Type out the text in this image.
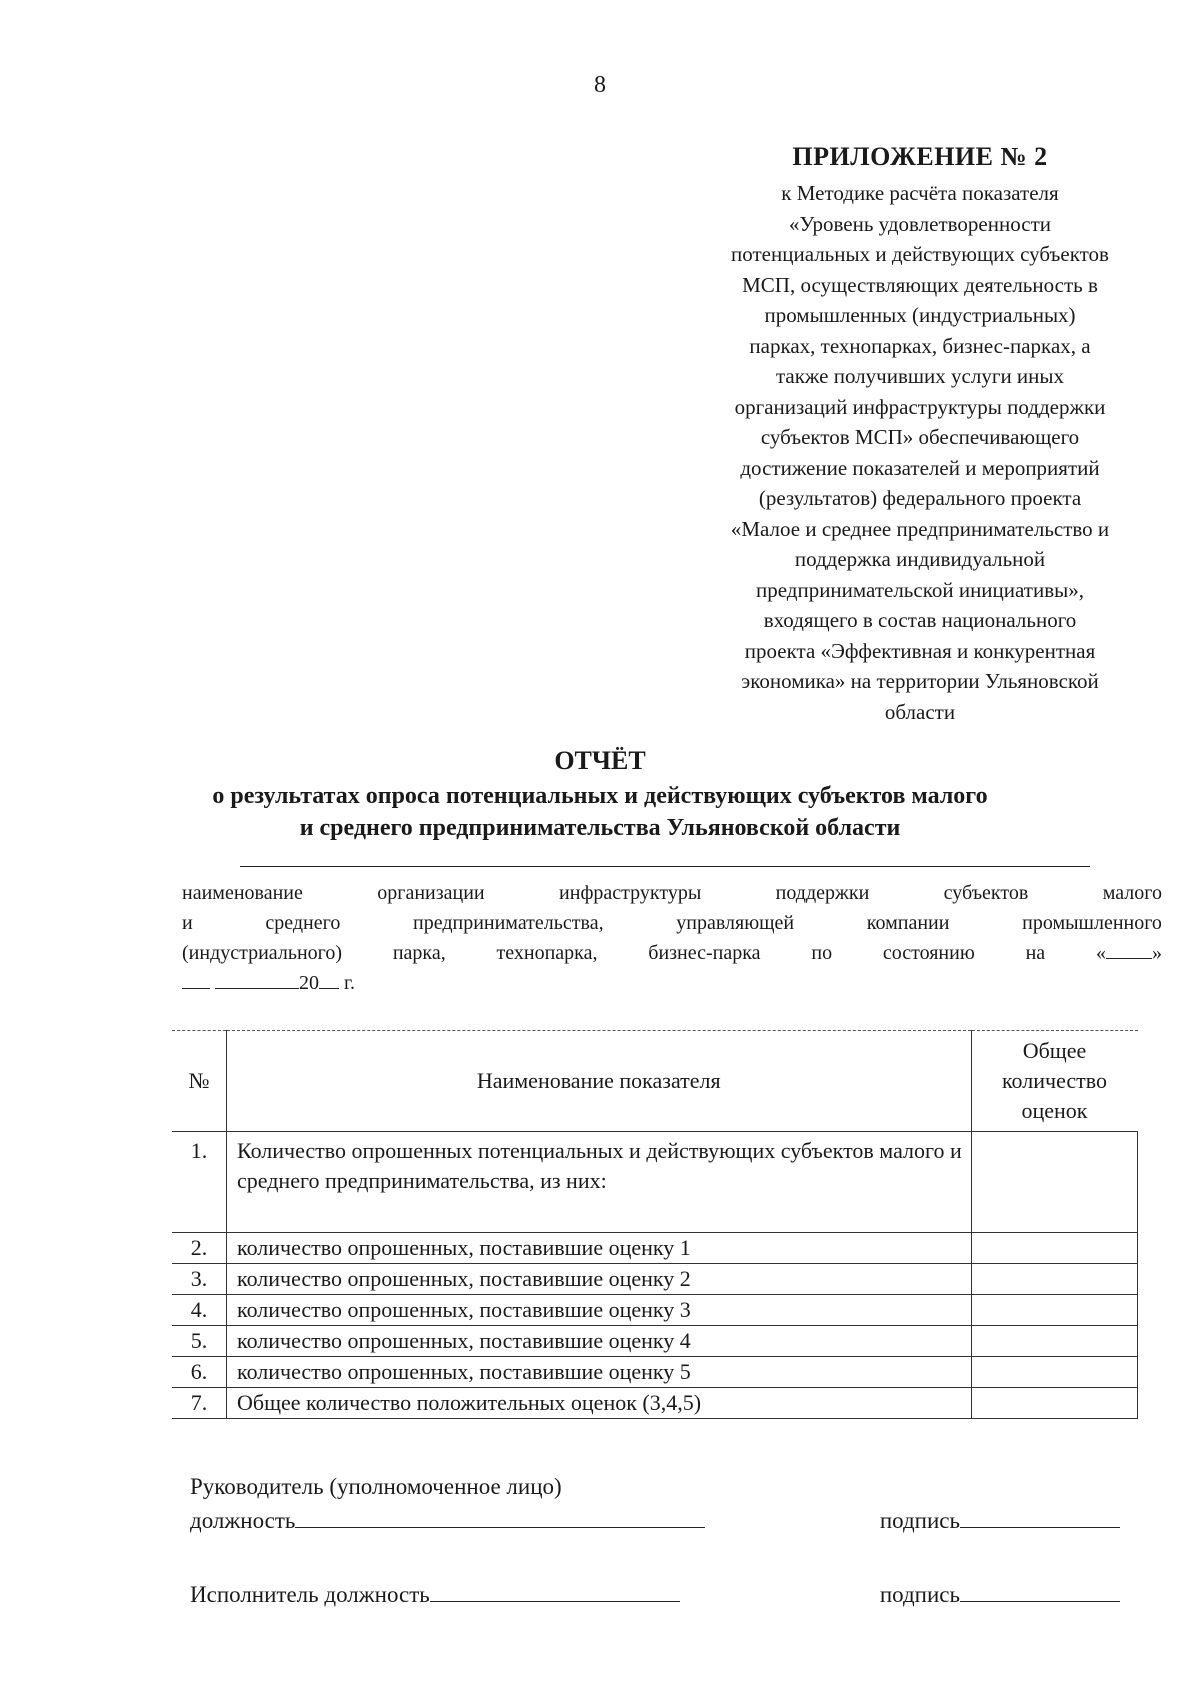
8
ПРИЛОЖЕНИЕ № 2
к Методике расчёта показателя
«Уровень удовлетворенности
потенциальных и действующих субъектов
МСП, осуществляющих деятельность в
промышленных (индустриальных)
парках, технопарках, бизнес-парках, а
также получивших услуги иных
организаций инфраструктуры поддержки
субъектов МСП» обеспечивающего
достижение показателей и мероприятий
(результатов) федерального проекта
«Малое и среднее предпринимательство и
поддержка индивидуальной
предпринимательской инициативы»,
входящего в состав национального
проекта «Эффективная и конкурентная
экономика» на территории Ульяновской
области
ОТЧЁТ
о результатах опроса потенциальных и действующих субъектов малого
и среднего предпринимательства Ульяновской области
наименование	организации	инфраструктуры	поддержки	субъектов	малого
и	среднего	предпринимательства,	управляющей	компании	промышленного
(индустриального)	парка,	технопарка,	бизнес-парка	по	состоянию	на	« »
20 г.
№	Наименование показателя	Общее количество оценок
1.	Количество опрошенных потенциальных и действующих субъектов малого и среднего предпринимательства, из них:	
2.	количество опрошенных, поставившие оценку 1	
3.	количество опрошенных, поставившие оценку 2	
4.	количество опрошенных, поставившие оценку 3	
5.	количество опрошенных, поставившие оценку 4	
6.	количество опрошенных, поставившие оценку 5	
7.	Общее количество положительных оценок (3,4,5)	
Руководитель (уполномоченное лицо)
должность	подпись
Исполнитель должность	подпись
